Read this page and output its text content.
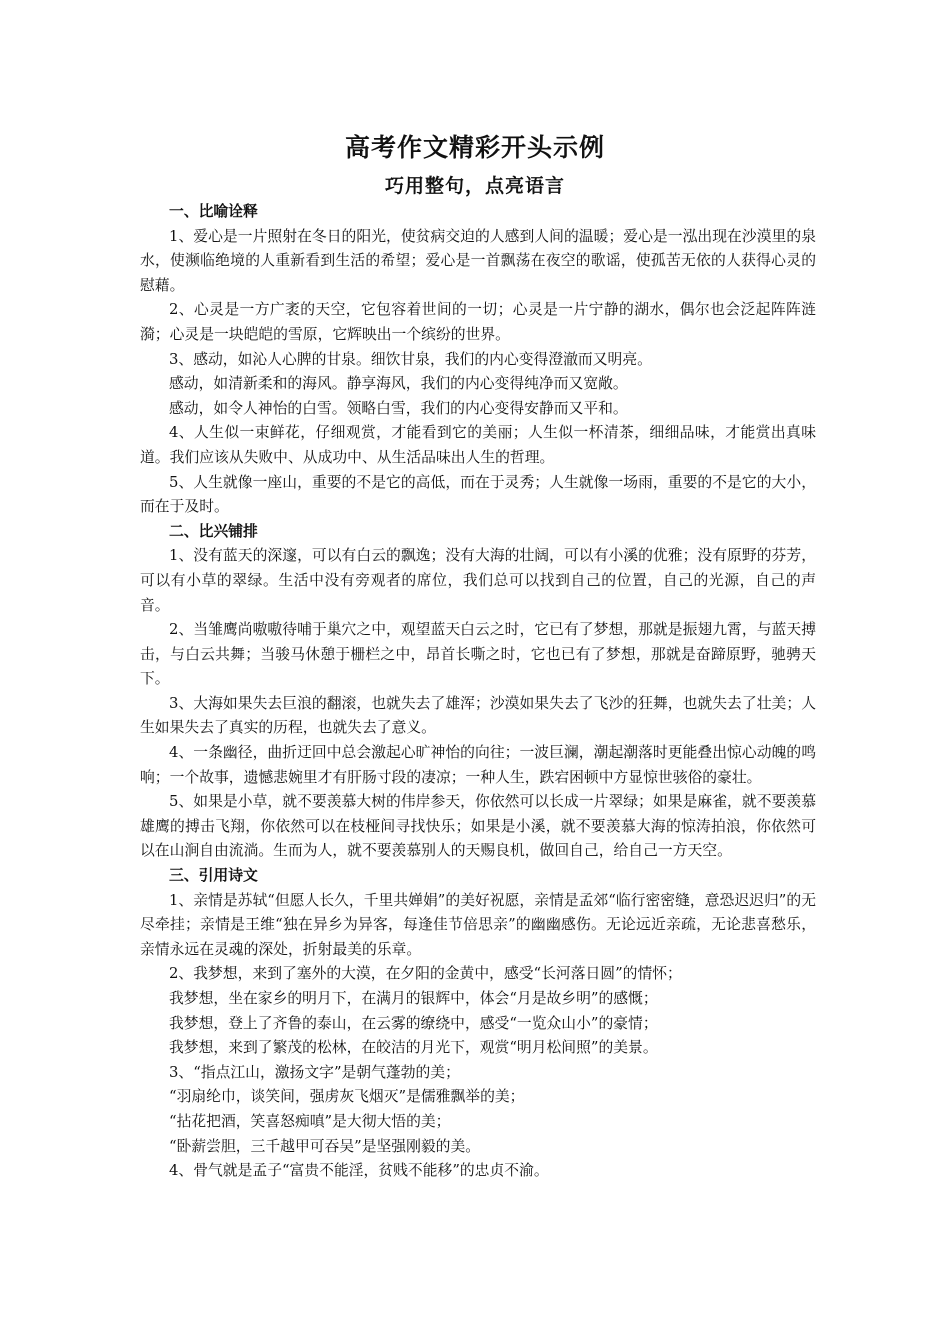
高考作文精彩开头示例
巧用整句，点亮语言

一、比喻诠释

1、爱心是一片照射在冬日的阳光，使贫病交迫的人感到人间的温暖；爱心是一泓出现在沙漠里的泉水，使濒临绝境的人重新看到生活的希望；爱心是一首飘荡在夜空的歌谣，使孤苦无依的人获得心灵的慰藉。

2、心灵是一方广袤的天空，它包容着世间的一切；心灵是一片宁静的湖水，偶尔也会泛起阵阵涟漪；心灵是一块皑皑的雪原，它辉映出一个缤纷的世界。

3、感动，如沁人心脾的甘泉。细饮甘泉，我们的内心变得澄澈而又明亮。

感动，如清新柔和的海风。静享海风，我们的内心变得纯净而又宽敞。

感动，如令人神怡的白雪。领略白雪，我们的内心变得安静而又平和。

4、人生似一束鲜花，仔细观赏，才能看到它的美丽；人生似一杯清茶，细细品味，才能赏出真味道。我们应该从失败中、从成功中、从生活品味出人生的哲理。

5、人生就像一座山，重要的不是它的高低，而在于灵秀；人生就像一场雨，重要的不是它的大小，而在于及时。

二、比兴铺排

1、没有蓝天的深邃，可以有白云的飘逸；没有大海的壮阔，可以有小溪的优雅；没有原野的芬芳，可以有小草的翠绿。生活中没有旁观者的席位，我们总可以找到自己的位置，自己的光源，自己的声音。

2、当雏鹰尚嗷嗷待哺于巢穴之中，观望蓝天白云之时，它已有了梦想，那就是振翅九霄，与蓝天搏击，与白云共舞；当骏马休憩于栅栏之中，昂首长嘶之时，它也已有了梦想，那就是奋蹄原野，驰骋天下。

3、大海如果失去巨浪的翻滚，也就失去了雄浑；沙漠如果失去了飞沙的狂舞，也就失去了壮美；人生如果失去了真实的历程，也就失去了意义。

4、一条幽径，曲折迂回中总会激起心旷神怡的向往；一波巨澜，潮起潮落时更能叠出惊心动魄的鸣响；一个故事，遗憾悲婉里才有肝肠寸段的凄凉；一种人生，跌宕困顿中方显惊世骇俗的豪壮。

5、如果是小草，就不要羡慕大树的伟岸参天，你依然可以长成一片翠绿；如果是麻雀，就不要羡慕雄鹰的搏击飞翔，你依然可以在枝桠间寻找快乐；如果是小溪，就不要羡慕大海的惊涛拍浪，你依然可以在山涧自由流淌。生而为人，就不要羡慕别人的天赐良机，做回自己，给自己一方天空。

三、引用诗文

1、亲情是苏轼“但愿人长久，千里共婵娟”的美好祝愿，亲情是孟郊“临行密密缝，意恐迟迟归”的无尽牵挂；亲情是王维“独在异乡为异客，每逢佳节倍思亲”的幽幽感伤。无论远近亲疏，无论悲喜愁乐，亲情永远在灵魂的深处，折射最美的乐章。

2、我梦想，来到了塞外的大漠，在夕阳的金黄中，感受“长河落日圆”的情怀；

我梦想，坐在家乡的明月下，在满月的银辉中，体会“月是故乡明”的感慨；

我梦想，登上了齐鲁的泰山，在云雾的缭绕中，感受“一览众山小”的豪情；

我梦想，来到了繁茂的松林，在皎洁的月光下，观赏“明月松间照”的美景。

3、“指点江山，激扬文字”是朝气蓬勃的美；

“羽扇纶巾，谈笑间，强虏灰飞烟灭”是儒雅飘举的美；

“拈花把酒，笑喜怒痴嗔”是大彻大悟的美；

“卧薪尝胆，三千越甲可吞吴”是坚强刚毅的美。

4、骨气就是孟子“富贵不能淫，贫贱不能移”的忠贞不渝。
